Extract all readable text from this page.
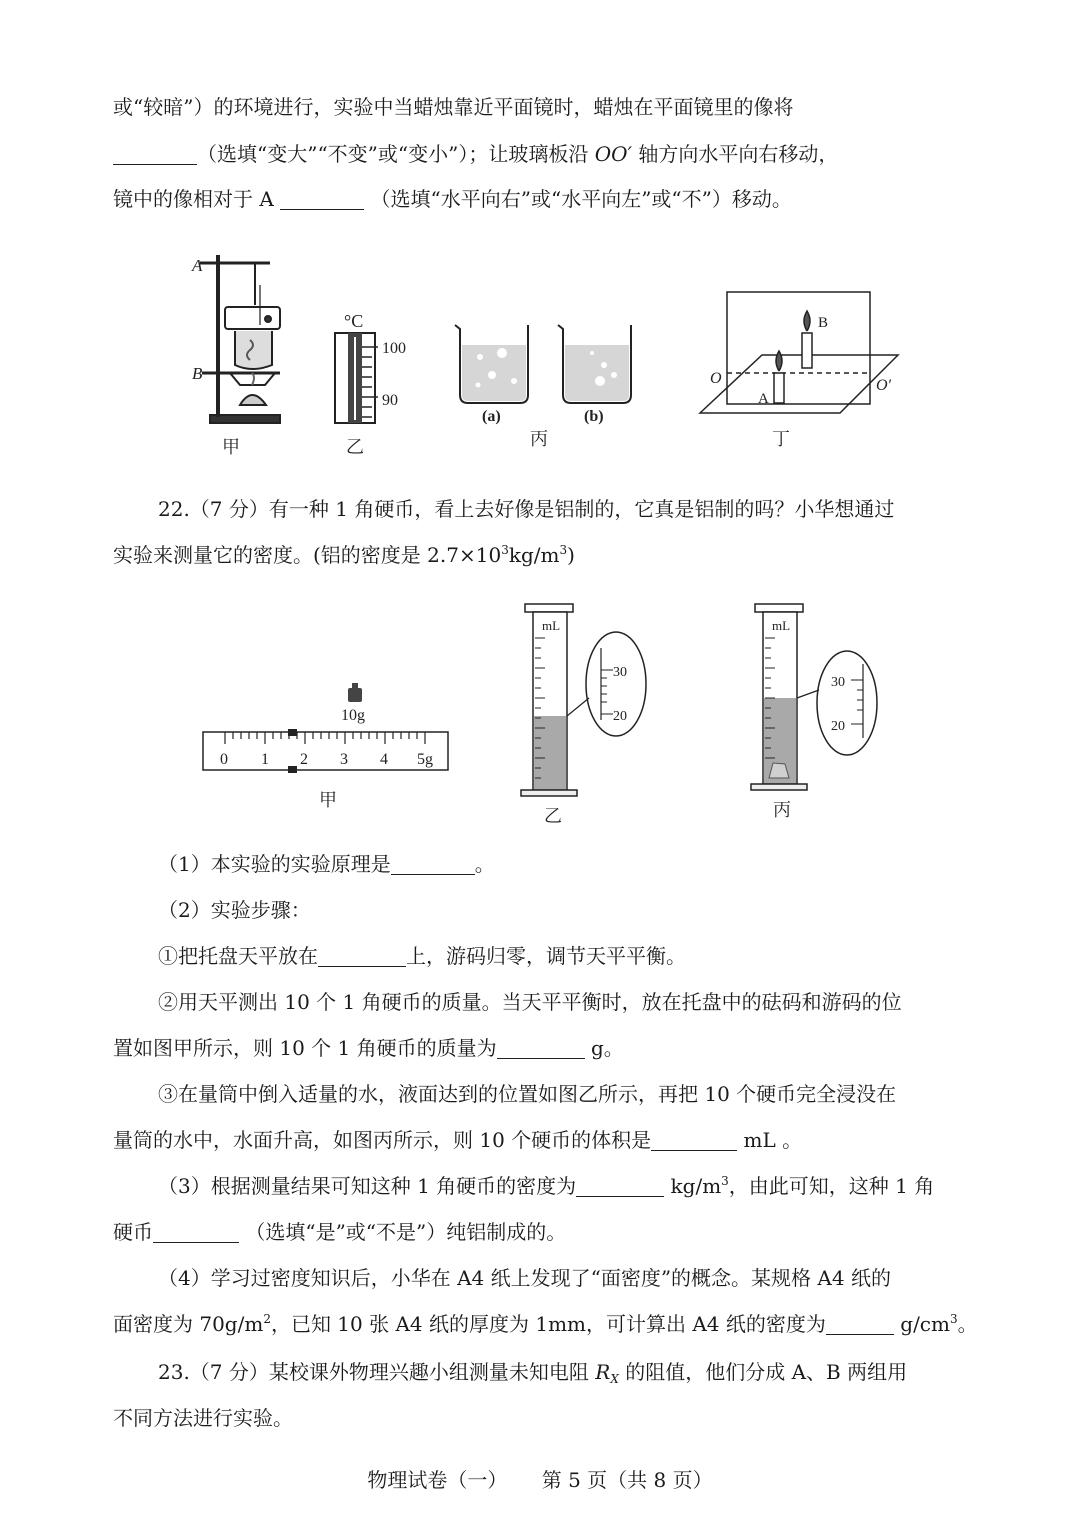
或“较暗”）的环境进行，实验中当蜡烛靠近平面镜时，蜡烛在平面镜里的像将
（选填“变大”“不变”或“变小”）；让玻璃板沿 OO′ 轴方向水平向右移动，
镜中的像相对于 A	（选填“水平向右”或“水平向左”或“不”）移动。
A
B
甲
°C
100
90
乙
(a)	(b)
丙
B
A
O	O′
丁
22.（7 分）有一种 1 角硬币，看上去好像是铝制的，它真是铝制的吗？小华想通过
实验来测量它的密度。(铝的密度是 $2.7\times 10^3kg/m^3$)
10g
0 1 2 3 4 5g
甲
mL
30
20
乙
mL
30
20
丙
（1）本实验的实验原理是	。
（2）实验步骤：
①把托盘天平放在	上，游码归零，调节天平平衡。
②用天平测出 10 个 1 角硬币的质量。当天平平衡时，放在托盘中的砝码和游码的位
置如图甲所示，则 10 个 1 角硬币的质量为	g。
③在量筒中倒入适量的水，液面达到的位置如图乙所示，再把 10 个硬币完全浸没在
量筒的水中，水面升高，如图丙所示，则 10 个硬币的体积是	mL 。
（3）根据测量结果可知这种 1 角硬币的密度为	$kg/m^3$，由此可知，这种 1 角
硬币	（选填“是”或“不是”）纯铝制成的。
（4）学习过密度知识后，小华在 A4 纸上发现了“面密度”的概念。某规格 A4 纸的
面密度为 $70g/m^2$，已知 10 张 A4 纸的厚度为 1mm，可计算出 A4 纸的密度为	$g/cm^3$。
23.（7 分）某校课外物理兴趣小组测量未知电阻 $R_X$ 的阻值，他们分成 A、B 两组用
不同方法进行实验。
物理试卷（一） 第 5 页（共 8 页）
